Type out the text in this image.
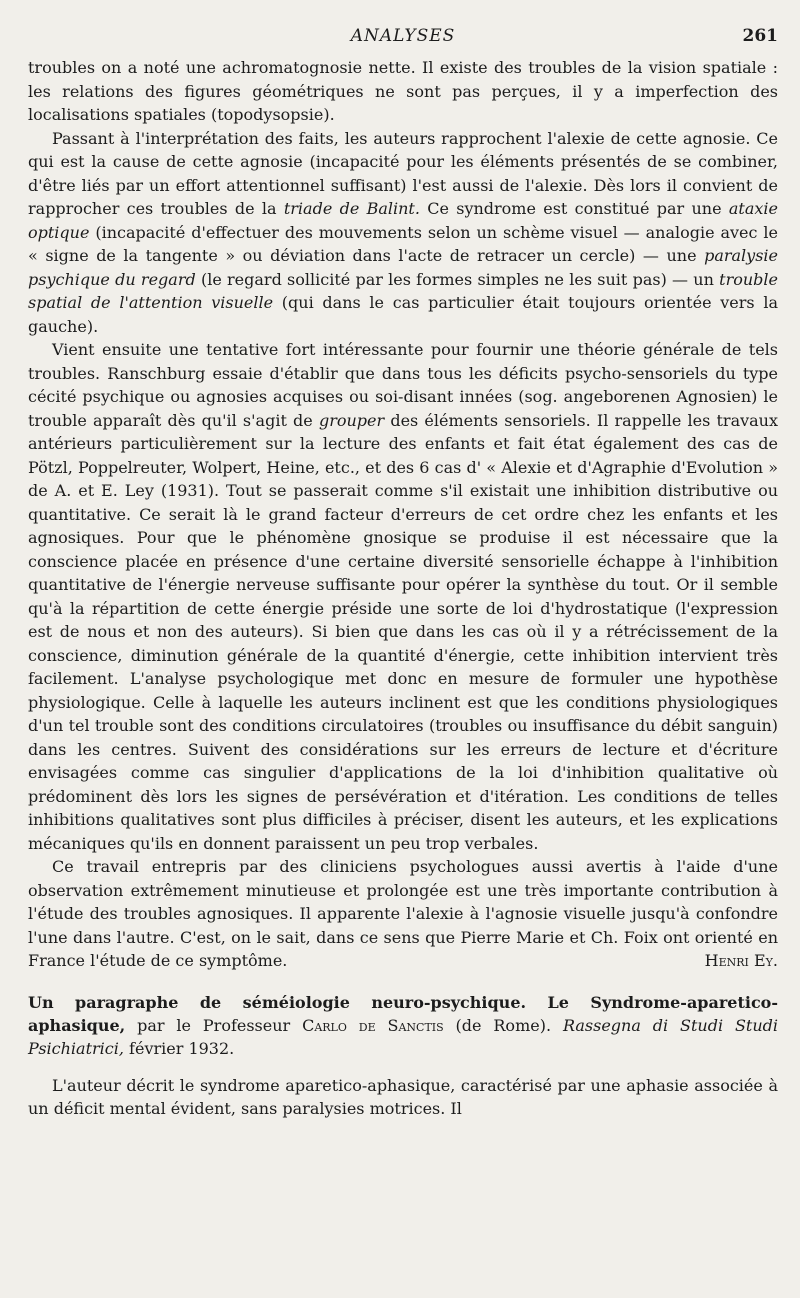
ANALYSES	261

troubles on a noté une achromatognosie nette. Il existe des troubles de la vision spatiale : les relations des figures géométriques ne sont pas perçues, il y a imperfection des localisations spatiales (topodysopsie).

Passant à l'interprétation des faits, les auteurs rapprochent l'alexie de cette agnosie. Ce qui est la cause de cette agnosie (incapacité pour les éléments présentés de se combiner, d'être liés par un effort attentionnel suffisant) l'est aussi de l'alexie. Dès lors il convient de rapprocher ces troubles de la triade de Balint. Ce syndrome est constitué par une ataxie optique (incapacité d'effectuer des mouvements selon un schème visuel — analogie avec le « signe de la tangente » ou déviation dans l'acte de retracer un cercle) — une paralysie psychique du regard (le regard sollicité par les formes simples ne les suit pas) — un trouble spatial de l'attention visuelle (qui dans le cas particulier était toujours orientée vers la gauche).

Vient ensuite une tentative fort intéressante pour fournir une théorie générale de tels troubles. Ranschburg essaie d'établir que dans tous les déficits psycho-sensoriels du type cécité psychique ou agnosies acquises ou soi-disant innées (sog. angeborenen Agnosien) le trouble apparaît dès qu'il s'agit de grouper des éléments sensoriels. Il rappelle les travaux antérieurs particulièrement sur la lecture des enfants et fait état également des cas de Pötzl, Poppelreuter, Wolpert, Heine, etc., et des 6 cas d' « Alexie et d'Agraphie d'Evolution » de A. et E. Ley (1931). Tout se passerait comme s'il existait une inhibition distributive ou quantitative. Ce serait là le grand facteur d'erreurs de cet ordre chez les enfants et les agnosiques. Pour que le phénomène gnosique se produise il est nécessaire que la conscience placée en présence d'une certaine diversité sensorielle échappe à l'inhibition quantitative de l'énergie nerveuse suffisante pour opérer la synthèse du tout. Or il semble qu'à la répartition de cette énergie préside une sorte de loi d'hydrostatique (l'expression est de nous et non des auteurs). Si bien que dans les cas où il y a rétrécissement de la conscience, diminution générale de la quantité d'énergie, cette inhibition intervient très facilement. L'analyse psychologique met donc en mesure de formuler une hypothèse physiologique. Celle à laquelle les auteurs inclinent est que les conditions physiologiques d'un tel trouble sont des conditions circulatoires (troubles ou insuffisance du débit sanguin) dans les centres. Suivent des considérations sur les erreurs de lecture et d'écriture envisagées comme cas singulier d'applications de la loi d'inhibition qualitative où prédominent dès lors les signes de persévération et d'itération. Les conditions de telles inhibitions qualitatives sont plus difficiles à préciser, disent les auteurs, et les explications mécaniques qu'ils en donnent paraissent un peu trop verbales.

Ce travail entrepris par des cliniciens psychologues aussi avertis à l'aide d'une observation extrêmement minutieuse et prolongée est une très importante contribution à l'étude des troubles agnosiques. Il apparente l'alexie à l'agnosie visuelle jusqu'à confondre l'une dans l'autre. C'est, on le sait, dans ce sens que Pierre Marie et Ch. Foix ont orienté en France l'étude de ce symptôme.	Henri Ey.
Un paragraphe de séméiologie neuro-psychique. Le Syndrome-aparetico-aphasique, par le Professeur Carlo de Sanctis (de Rome). Rassegna di Studi Studi Psichiatrici, février 1932.

L'auteur décrit le syndrome aparetico-aphasique, caractérisé par une aphasie associée à un déficit mental évident, sans paralysies motrices. Il
